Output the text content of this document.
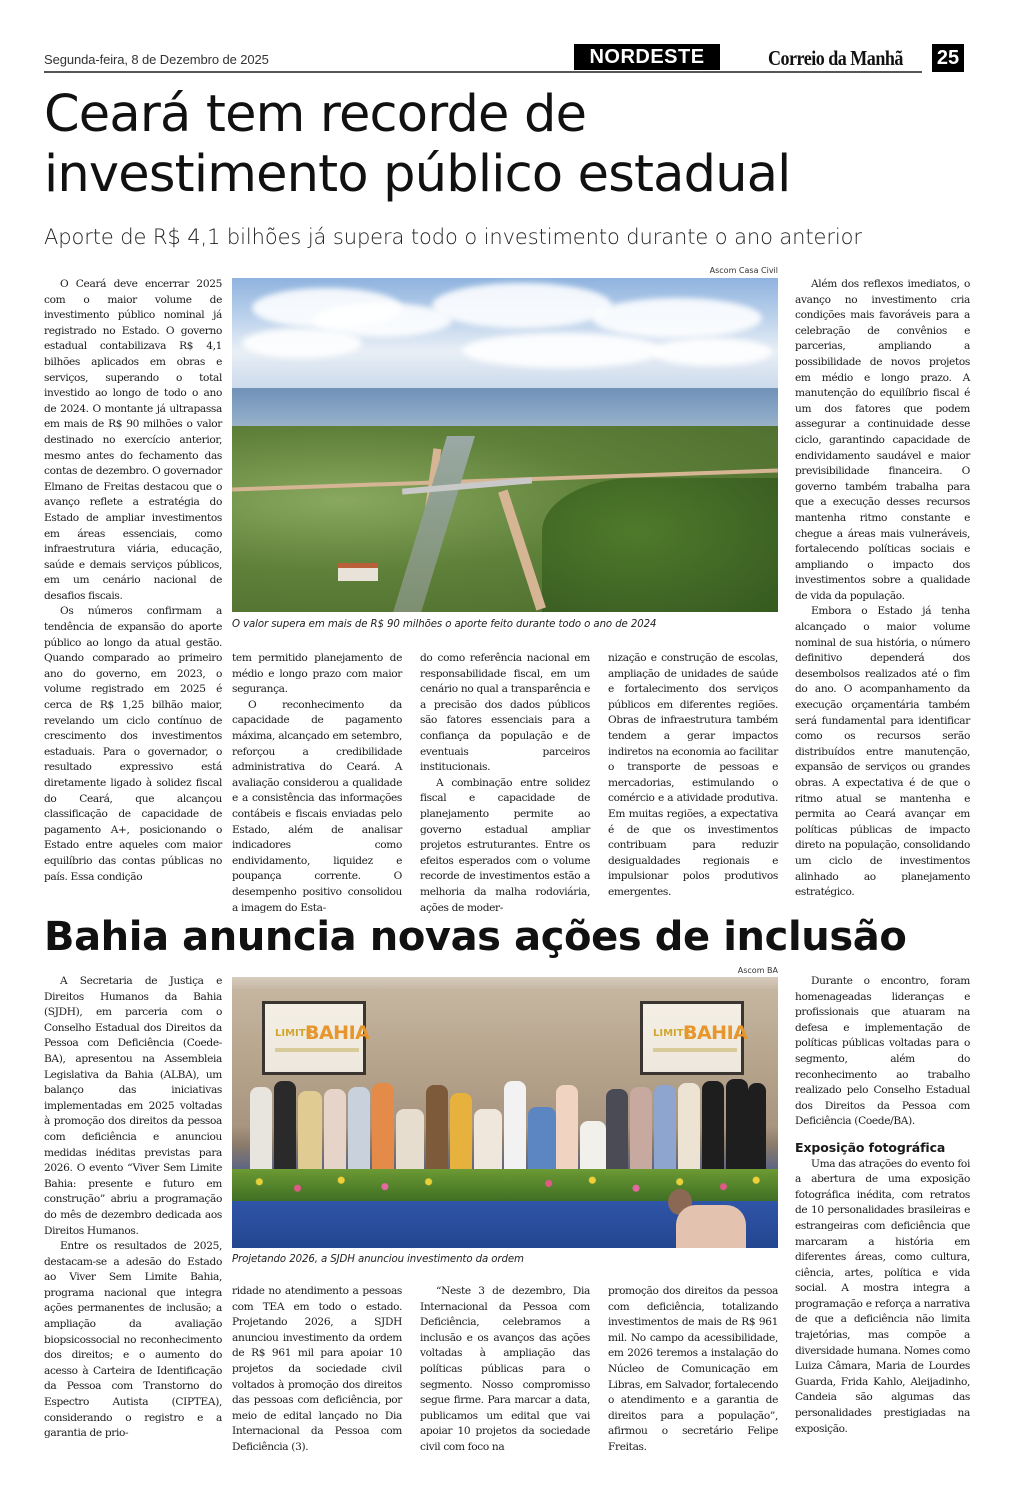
Segunda-feira, 8 de Dezembro de 2025	NORDESTE	Correio da Manhã 25
Ceará tem recorde de
investimento público estadual
Aporte de R$ 4,1 bilhões já supera todo o investimento durante o ano anterior

O Ceará deve encerrar 2025 com o maior volume de investimento público nominal já registrado no Estado. O governo estadual contabilizava R$ 4,1 bilhões aplicados em obras e serviços, superando o total investido ao longo de todo o ano de 2024. O montante já ultrapassa em mais de R$ 90 milhões o valor destinado no exercício anterior, mesmo antes do fechamento das contas de dezembro. O governador Elmano de Freitas destacou que o avanço reflete a estratégia do Estado de ampliar investimentos em áreas essenciais, como infraestrutura viária, educação, saúde e demais serviços públicos, em um cenário nacional de desafios fiscais.

Os números confirmam a tendência de expansão do aporte público ao longo da atual gestão. Quando comparado ao primeiro ano do governo, em 2023, o volume registrado em 2025 é cerca de R$ 1,25 bilhão maior, revelando um ciclo contínuo de crescimento dos investimentos estaduais. Para o governador, o resultado expressivo está diretamente ligado à solidez fiscal do Ceará, que alcançou classificação de capacidade de pagamento A+, posicionando o Estado entre aqueles com maior equilíbrio das contas públicas no país. Essa condição

Ascom Casa Civil
O valor supera em mais de R$ 90 milhões o aporte feito durante todo o ano de 2024

tem permitido planejamento de médio e longo prazo com maior segurança.

O reconhecimento da capacidade de pagamento máxima, alcançado em setembro, reforçou a credibilidade administrativa do Ceará. A avaliação considerou a qualidade e a consistência das informações contábeis e fiscais enviadas pelo Estado, além de analisar indicadores como endividamento, liquidez e poupança corrente. O desempenho positivo consolidou a imagem do Esta-

do como referência nacional em responsabilidade fiscal, em um cenário no qual a transparência e a precisão dos dados públicos são fatores essenciais para a confiança da população e de eventuais parceiros institucionais.

A combinação entre solidez fiscal e capacidade de planejamento permite ao governo estadual ampliar projetos estruturantes. Entre os efeitos esperados com o volume recorde de investimentos estão a melhoria da malha rodoviária, ações de moder-

nização e construção de escolas, ampliação de unidades de saúde e fortalecimento dos serviços públicos em diferentes regiões. Obras de infraestrutura também tendem a gerar impactos indiretos na economia ao facilitar o transporte de pessoas e mercadorias, estimulando o comércio e a atividade produtiva. Em muitas regiões, a expectativa é de que os investimentos contribuam para reduzir desigualdades regionais e impulsionar polos produtivos emergentes.

Além dos reflexos imediatos, o avanço no investimento cria condições mais favoráveis para a celebração de convênios e parcerias, ampliando a possibilidade de novos projetos em médio e longo prazo. A manutenção do equilíbrio fiscal é um dos fatores que podem assegurar a continuidade desse ciclo, garantindo capacidade de endividamento saudável e maior previsibilidade financeira. O governo também trabalha para que a execução desses recursos mantenha ritmo constante e chegue a áreas mais vulneráveis, fortalecendo políticas sociais e ampliando o impacto dos investimentos sobre a qualidade de vida da população.

Embora o Estado já tenha alcançado o maior volume nominal de sua história, o número definitivo dependerá dos desembolsos realizados até o fim do ano. O acompanhamento da execução orçamentária também será fundamental para identificar como os recursos serão distribuídos entre manutenção, expansão de serviços ou grandes obras. A expectativa é de que o ritmo atual se mantenha e permita ao Ceará avançar em políticas públicas de impacto direto na população, consolidando um ciclo de investimentos alinhado ao planejamento estratégico.

Bahia anuncia novas ações de inclusão

A Secretaria de Justiça e Direitos Humanos da Bahia (SJDH), em parceria com o Conselho Estadual dos Direitos da Pessoa com Deficiência (Coede-BA), apresentou na Assembleia Legislativa da Bahia (ALBA), um balanço das iniciativas implementadas em 2025 voltadas à promoção dos direitos da pessoa com deficiência e anunciou medidas inéditas previstas para 2026. O evento “Viver Sem Limite Bahia: presente e futuro em construção” abriu a programação do mês de dezembro dedicada aos Direitos Humanos.

Entre os resultados de 2025, destacam-se a adesão do Estado ao Viver Sem Limite Bahia, programa nacional que integra ações permanentes de inclusão; a ampliação da avaliação biopsicossocial no reconhecimento dos direitos; e o aumento do acesso à Carteira de Identificação da Pessoa com Transtorno do Espectro Autista (CIPTEA), considerando o registro e a garantia de prio-

Ascom BA
LIMITE
BAHIA	LIMITE
BAHIA
Projetando 2026, a SJDH anunciou investimento da ordem

ridade no atendimento a pessoas com TEA em todo o estado. Projetando 2026, a SJDH anunciou investimento da ordem de R$ 961 mil para apoiar 10 projetos da sociedade civil voltados à promoção dos direitos das pessoas com deficiência, por meio de edital lançado no Dia Internacional da Pessoa com Deficiência (3).

“Neste 3 de dezembro, Dia Internacional da Pessoa com Deficiência, celebramos a inclusão e os avanços das ações voltadas à ampliação das políticas públicas para o segmento. Nosso compromisso segue firme. Para marcar a data, publicamos um edital que vai apoiar 10 projetos da sociedade civil com foco na

promoção dos direitos da pessoa com deficiência, totalizando investimentos de mais de R$ 961 mil. No campo da acessibilidade, em 2026 teremos a instalação do Núcleo de Comunicação em Libras, em Salvador, fortalecendo o atendimento e a garantia de direitos para a população”, afirmou o secretário Felipe Freitas.

Durante o encontro, foram homenageadas lideranças e profissionais que atuaram na defesa e implementação de políticas públicas voltadas para o segmento, além do reconhecimento ao trabalho realizado pelo Conselho Estadual dos Direitos da Pessoa com Deficiência (Coede/BA).

Exposição fotográfica

Uma das atrações do evento foi a abertura de uma exposição fotográfica inédita, com retratos de 10 personalidades brasileiras e estrangeiras com deficiência que marcaram a história em diferentes áreas, como cultura, ciência, artes, política e vida social. A mostra integra a programação e reforça a narrativa de que a deficiência não limita trajetórias, mas compõe a diversidade humana. Nomes como Luiza Câmara, Maria de Lourdes Guarda, Frida Kahlo, Aleijadinho, Candeia são algumas das personalidades prestigiadas na exposição.
